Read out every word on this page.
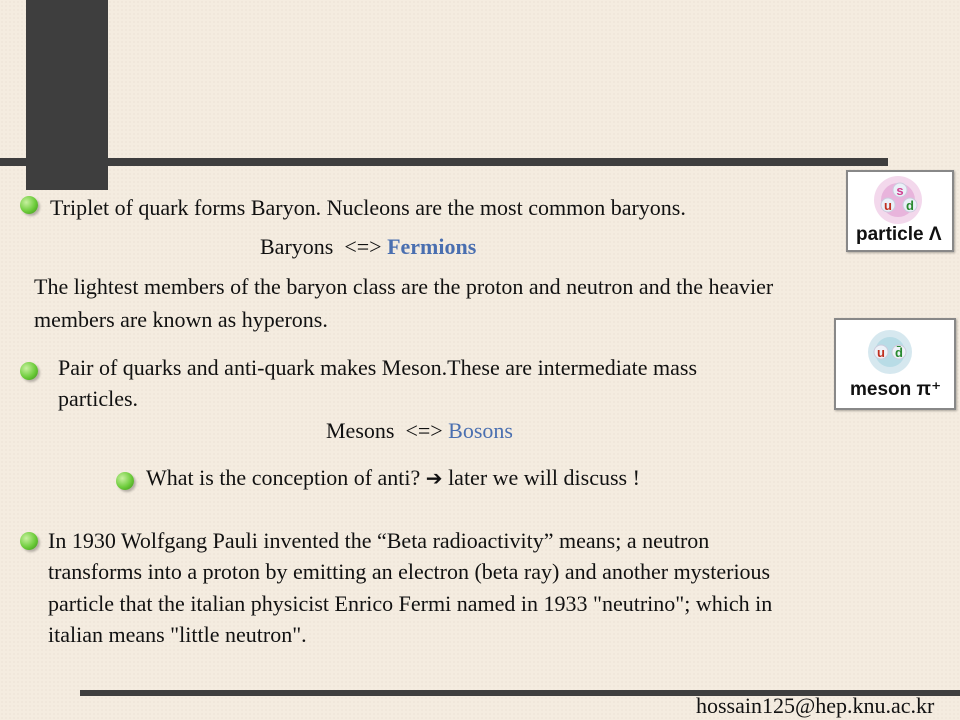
Triplet of quark forms Baryon. Nucleons are the most common baryons.
Baryons  <=> Fermions
s
u d
particle Λ
The lightest members of the baryon class are the proton and neutron and the heavier
members are known as hyperons.
u d̄
meson π⁺
Pair of quarks and anti-quark makes Meson.These are intermediate mass
particles.
Mesons  <=> Bosons
What is the conception of anti? ➔ later we will discuss !
In 1930 Wolfgang Pauli invented the “Beta radioactivity” means; a neutron
transforms into a proton by emitting an electron (beta ray) and another mysterious
particle that the italian physicist Enrico Fermi named in 1933 "neutrino"; which in
italian means "little neutron".
hossain125@hep.knu.ac.kr
